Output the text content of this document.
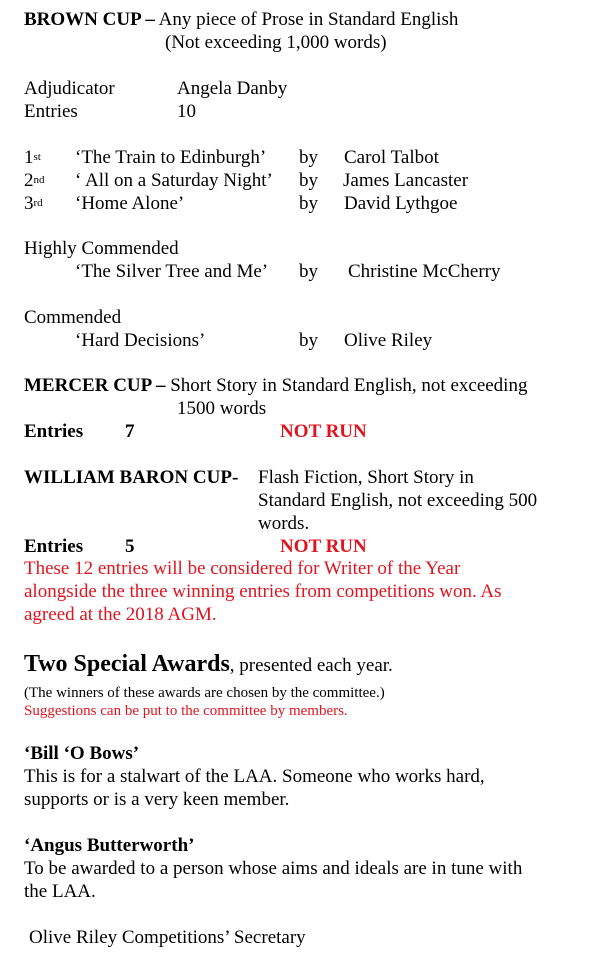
BROWN CUP – Any piece of Prose in Standard English
(Not exceeding 1,000 words)
Adjudicator	Angela Danby
Entries	10
1st ‘The Train to Edinburgh’ by Carol Talbot
2nd ‘ All on a Saturday Night’ by James Lancaster
3rd ‘Home Alone’	by David Lythgoe
Highly Commended
‘The Silver Tree and Me’ by Christine McCherry
Commended
‘Hard Decisions’	by Olive Riley
MERCER CUP – Short Story in Standard English, not exceeding
1500 words
Entries 7	NOT RUN
WILLIAM BARON CUP- Flash Fiction, Short Story in
Standard English, not exceeding 500
words.
Entries 5	NOT RUN
These 12 entries will be considered for Writer of the Year
alongside the three winning entries from competitions won. As
agreed at the 2018 AGM.
Two Special Awards, presented each year.
(The winners of these awards are chosen by the committee.)
Suggestions can be put to the committee by members.
‘Bill ‘O Bows’
This is for a stalwart of the LAA. Someone who works hard,
supports or is a very keen member.
‘Angus Butterworth’
To be awarded to a person whose aims and ideals are in tune with
the LAA.
Olive Riley Competitions’ Secretary
